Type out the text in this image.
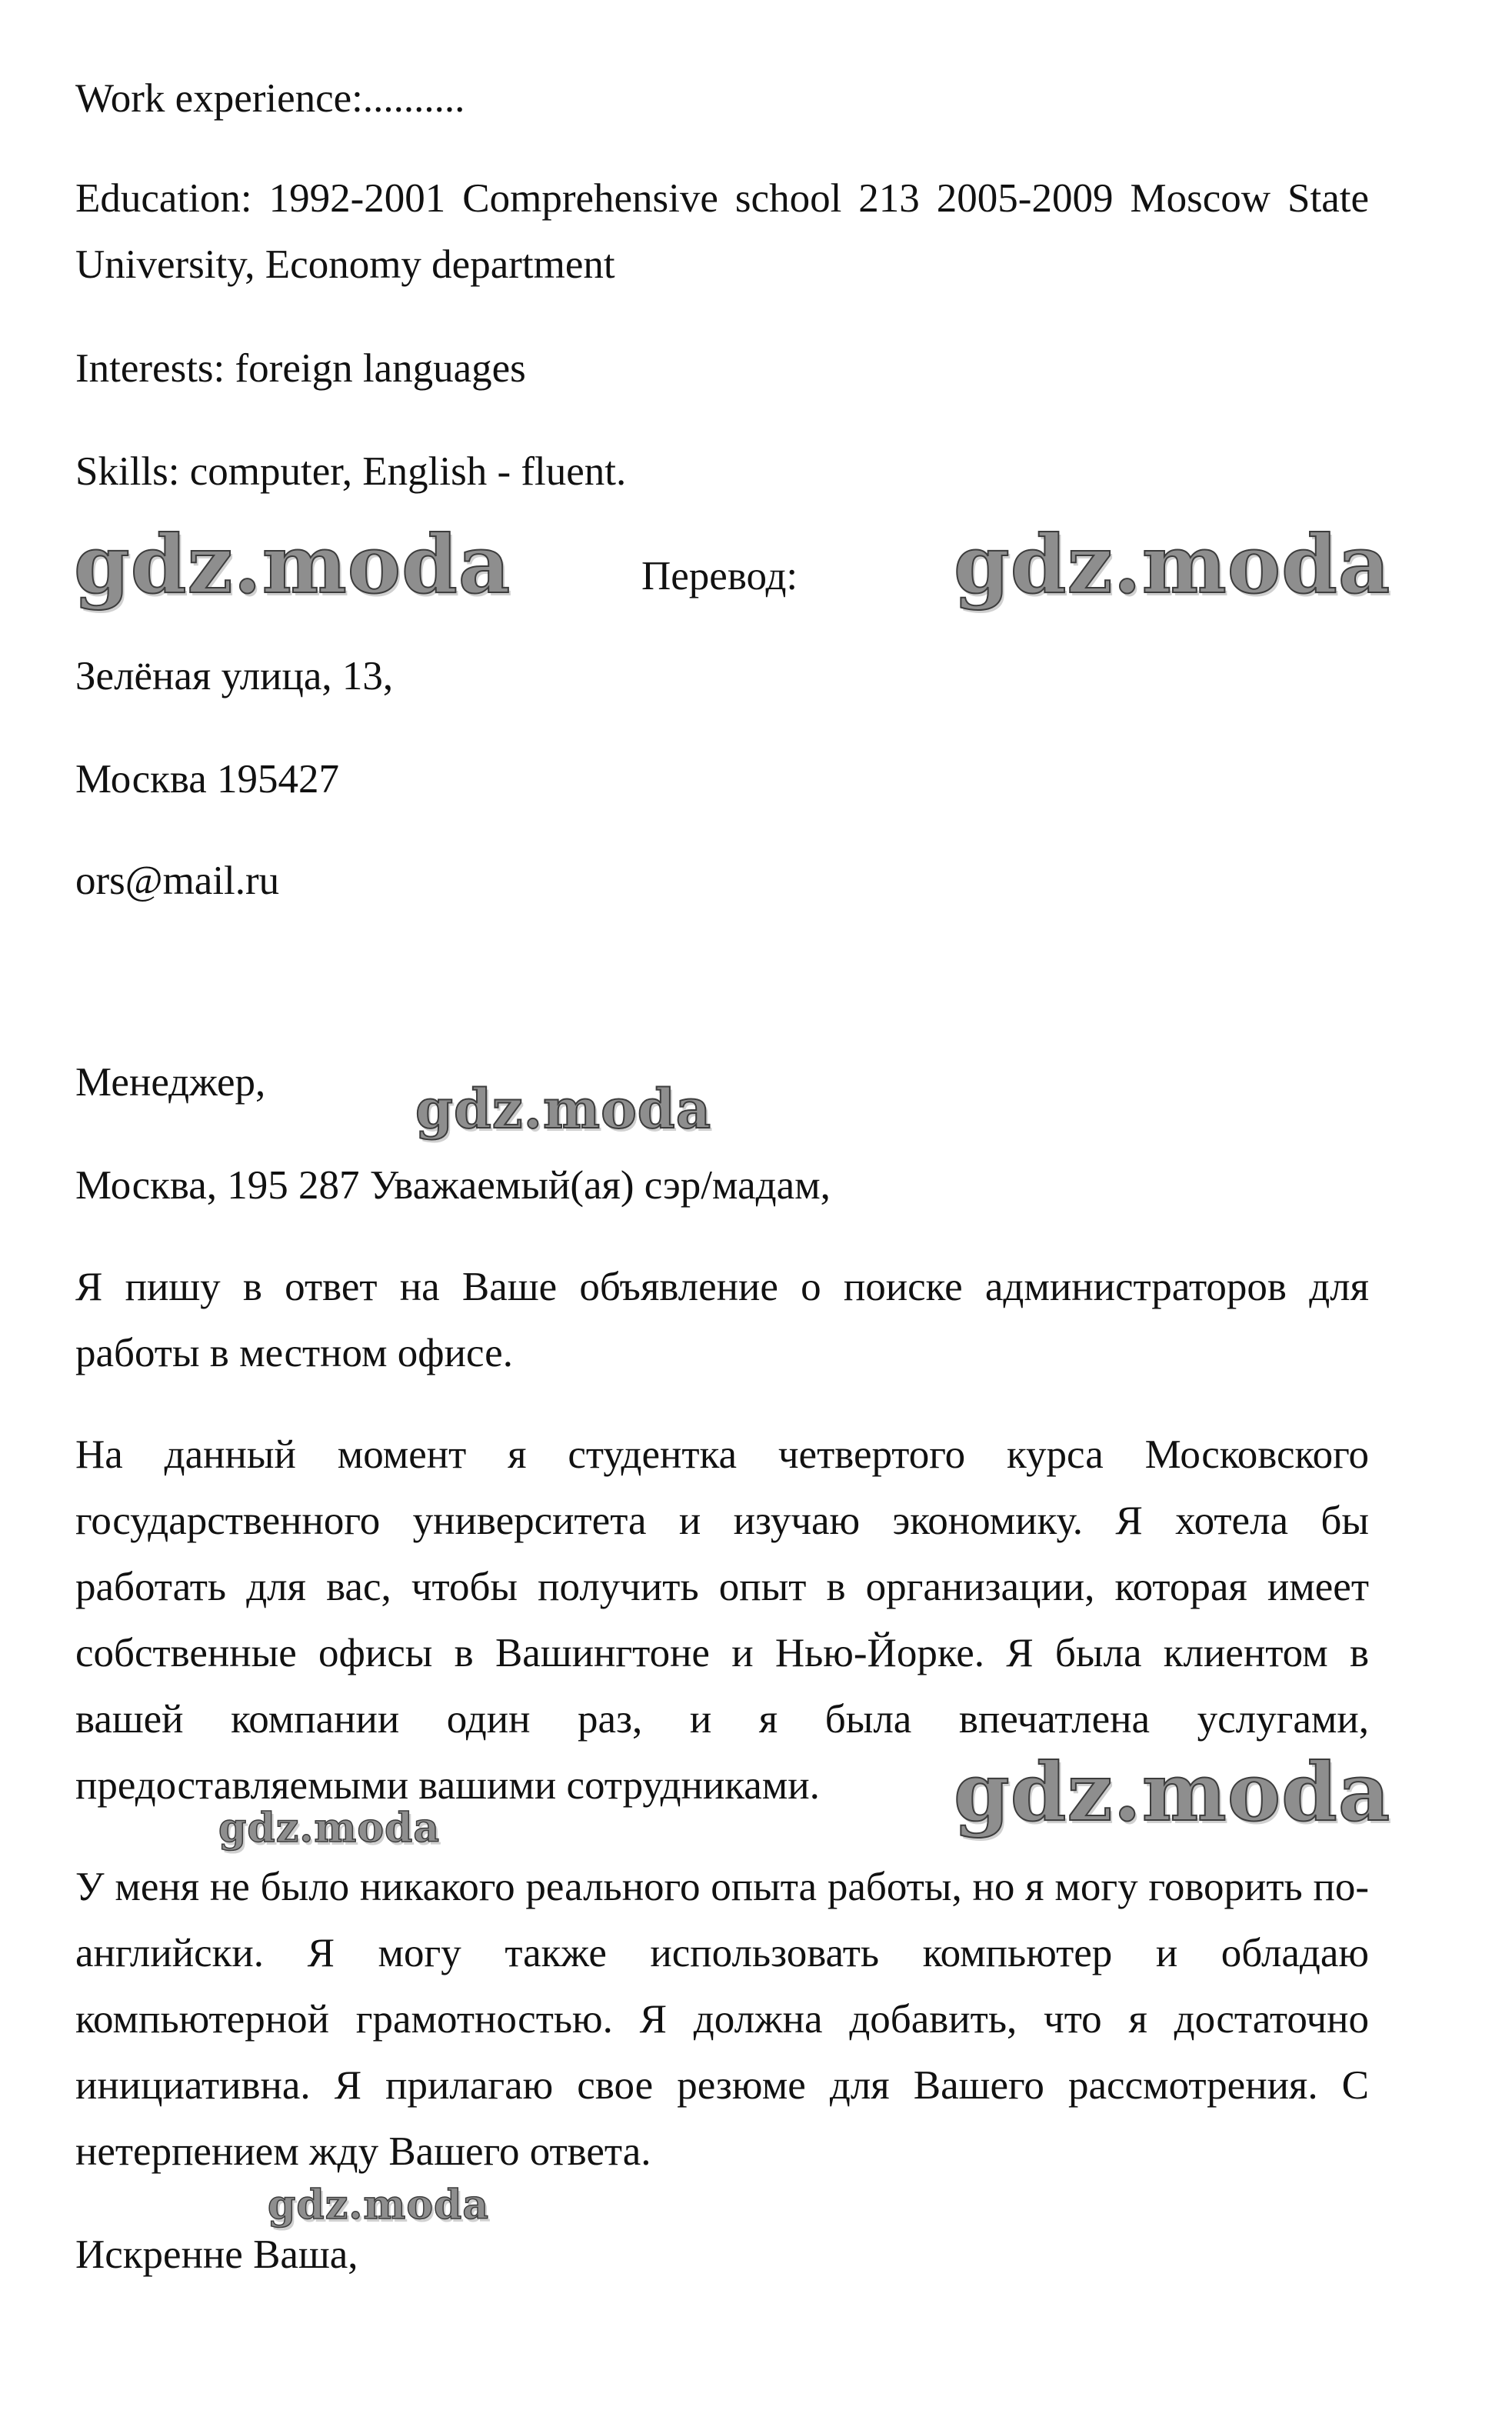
Work experience:..........

Education: 1992-2001 Comprehensive school 213 2005-2009 Moscow State University, Economy department

Interests: foreign languages

Skills: computer, English - fluent.

gdz.moda	Перевод: gdz.moda

Зелёная улица, 13,

Москва 195427

ors@mail.ru

Менеджер,	gdz.moda

Москва, 195 287 Уважаемый(ая) сэр/мадам,

Я пишу в ответ на Ваше объявление о поиске администраторов для работы в местном офисе.

На данный момент я студентка четвертого курса Московского государственного университета и изучаю экономику. Я хотела бы работать для вас, чтобы получить опыт в организации, которая имеет собственные офисы в Вашингтоне и Нью-Йорке. Я была клиентом в вашей компании один раз, и я была впечатлена услугами, предоставляемыми вашими сотрудниками.	gdz.moda
gdz.moda

У меня не было никакого реального опыта работы, но я могу говорить по-английски. Я могу также использовать компьютер и обладаю компьютерной грамотностью. Я должна добавить, что я достаточно инициативна. Я прилагаю свое резюме для Вашего рассмотрения. С нетерпением жду Вашего ответа.

gdz.moda

Искренне Ваша,
